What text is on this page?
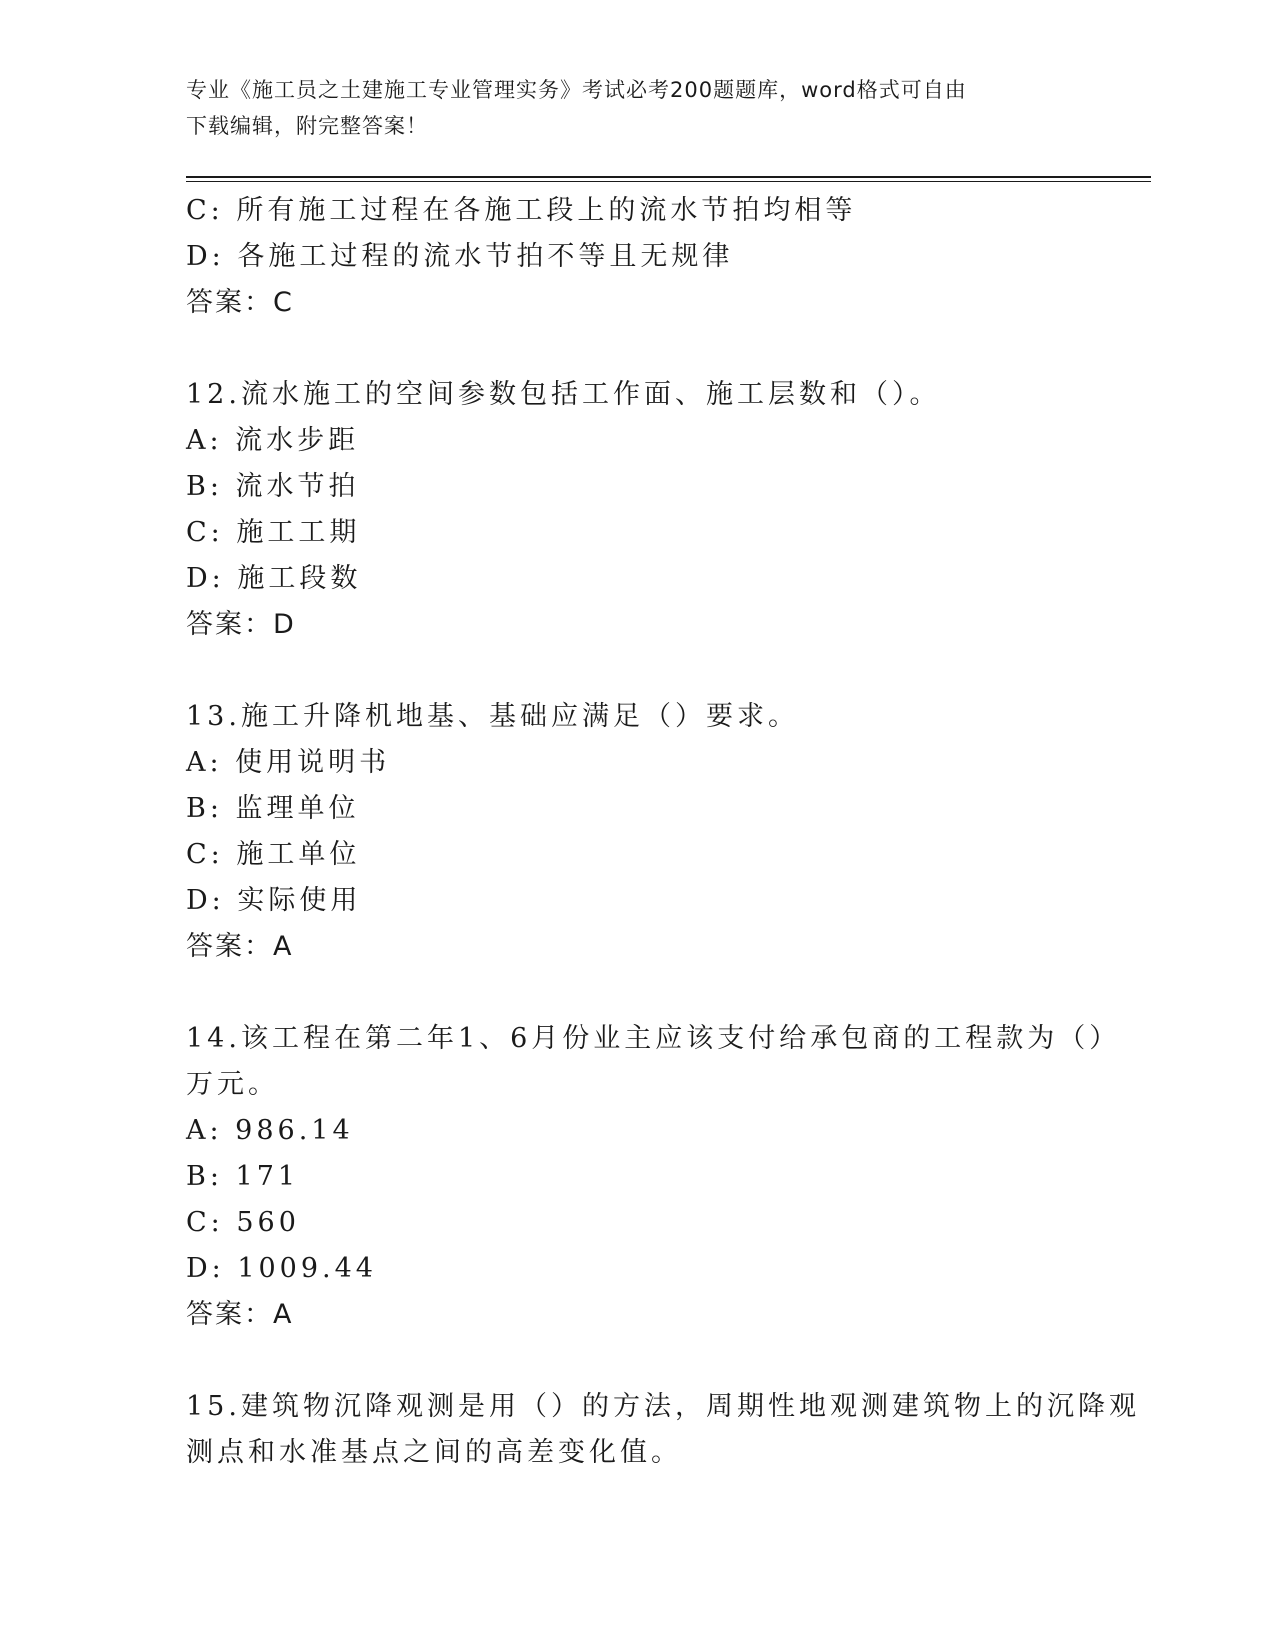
专业《施工员之土建施工专业管理实务》考试必考200题题库，word格式可自由
下载编辑，附完整答案！
C: 所有施工过程在各施工段上的流水节拍均相等
D: 各施工过程的流水节拍不等且无规律
答案：C
12.流水施工的空间参数包括工作面、施工层数和（）。
A: 流水步距
B: 流水节拍
C: 施工工期
D: 施工段数
答案：D
13.施工升降机地基、基础应满足（）要求。
A: 使用说明书
B: 监理单位
C: 施工单位
D: 实际使用
答案：A
14.该工程在第二年1、6月份业主应该支付给承包商的工程款为（）
万元。
A: 986.14
B: 171
C: 560
D: 1009.44
答案：A
15.建筑物沉降观测是用（）的方法，周期性地观测建筑物上的沉降观
测点和水准基点之间的高差变化值。
